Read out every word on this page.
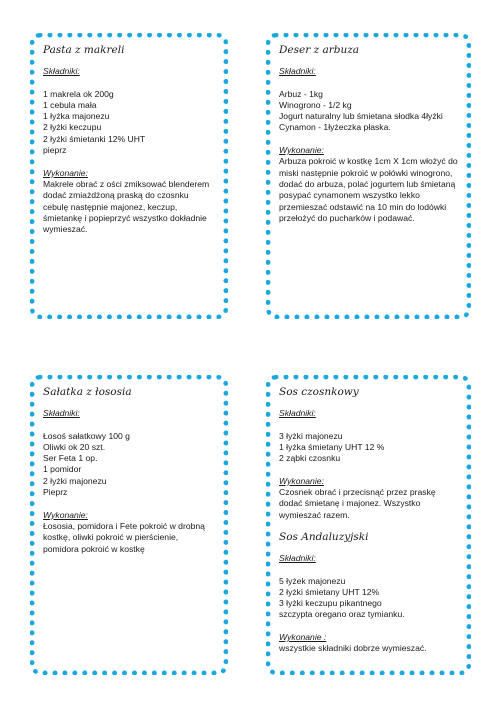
Pasta z makreli

Składniki:

1 makrela ok 200g

1 cebula mała

1 łyżka majonezu

2 łyżki keczupu

2 łyżki śmietanki 12% UHT

pieprz

Wykonanie:

Makrele obrać z ości zmiksować blenderem dodać zmiażdżoną praską do czosnku cebulę następnie majonez, keczup, śmietankę i popieprzyć wszystko dokładnie wymieszać.

Deser z arbuza

Składniki:

Arbuz - 1kg

Winogrono - 1/2 kg

Jogurt naturalny lub śmietana słodka 4łyżki

Cynamon - 1łyżeczka płaska.

Wykonanie:

Arbuza pokroić w kostkę 1cm X 1cm włożyć do miski następnie pokroić w połówki winogrono, dodać do arbuza, polać jogurtem lub śmietaną posypać cynamonem wszystko lekko przemieszać odstawić na 10 min do lodówki przełożyć do pucharków i podawać.

Sałatka z łososia

Składniki:

Łosoś sałatkowy 100 g

Oliwki ok 20 szt.

Ser Feta 1 op.

1 pomidor

2 łyżki majonezu

Pieprz

Wykonanie:

Łososia, pomidora i Fete pokroić w drobną kostkę, oliwki pokroić w pierścienie, pomidora pokroić w kostkę

Sos czosnkowy

Składniki:

3 łyżki majonezu

1 łyżka śmietany UHT 12 %

2 ząbki czosnku

Wykonanie:

Czosnek obrać i przecisnąć przez praskę dodać śmietanę i majonez. Wszystko wymieszać razem.

Sos Andaluzyjski

Składniki:

5 łyżek majonezu

2 łyżki śmietany UHT 12%

3 łyżki keczupu pikantnego

szczypta oregano oraz tymianku.

Wykonanie :

wszystkie składniki dobrze wymieszać.
